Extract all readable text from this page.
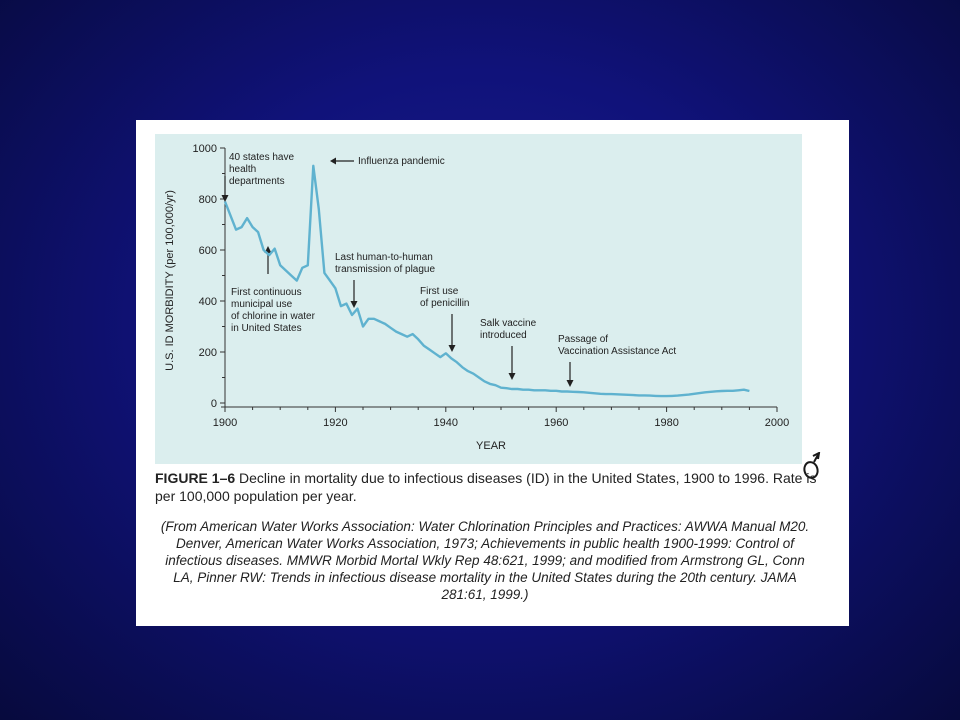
0
200
400
600
800
1000
1900	1920	1940	1960	1980	2000
YEAR
U.S. ID MORBIDITY (per 100,000/yr)
40 states have health departments
Influenza pandemic
First continuous municipal use of chlorine in water in United States
Last human-to-human transmission of plague
First use of penicillin
Salk vaccine introduced	Passage of Vaccination Assistance Act

FIGURE 1–6 Decline in mortality due to infectious diseases (ID) in the United States, 1900 to 1996. Rate is per 100,000 population per year.

(From American Water Works Association: Water Chlorination Principles and Practices: AWWA Manual M20. Denver, American Water Works Association, 1973; Achievements in public health 1900-1999: Control of infectious diseases. MMWR Morbid Mortal Wkly Rep 48:621, 1999; and modified from Armstrong GL, Conn LA, Pinner RW: Trends in infectious disease mortality in the United States during the 20th century. JAMA 281:61, 1999.)
